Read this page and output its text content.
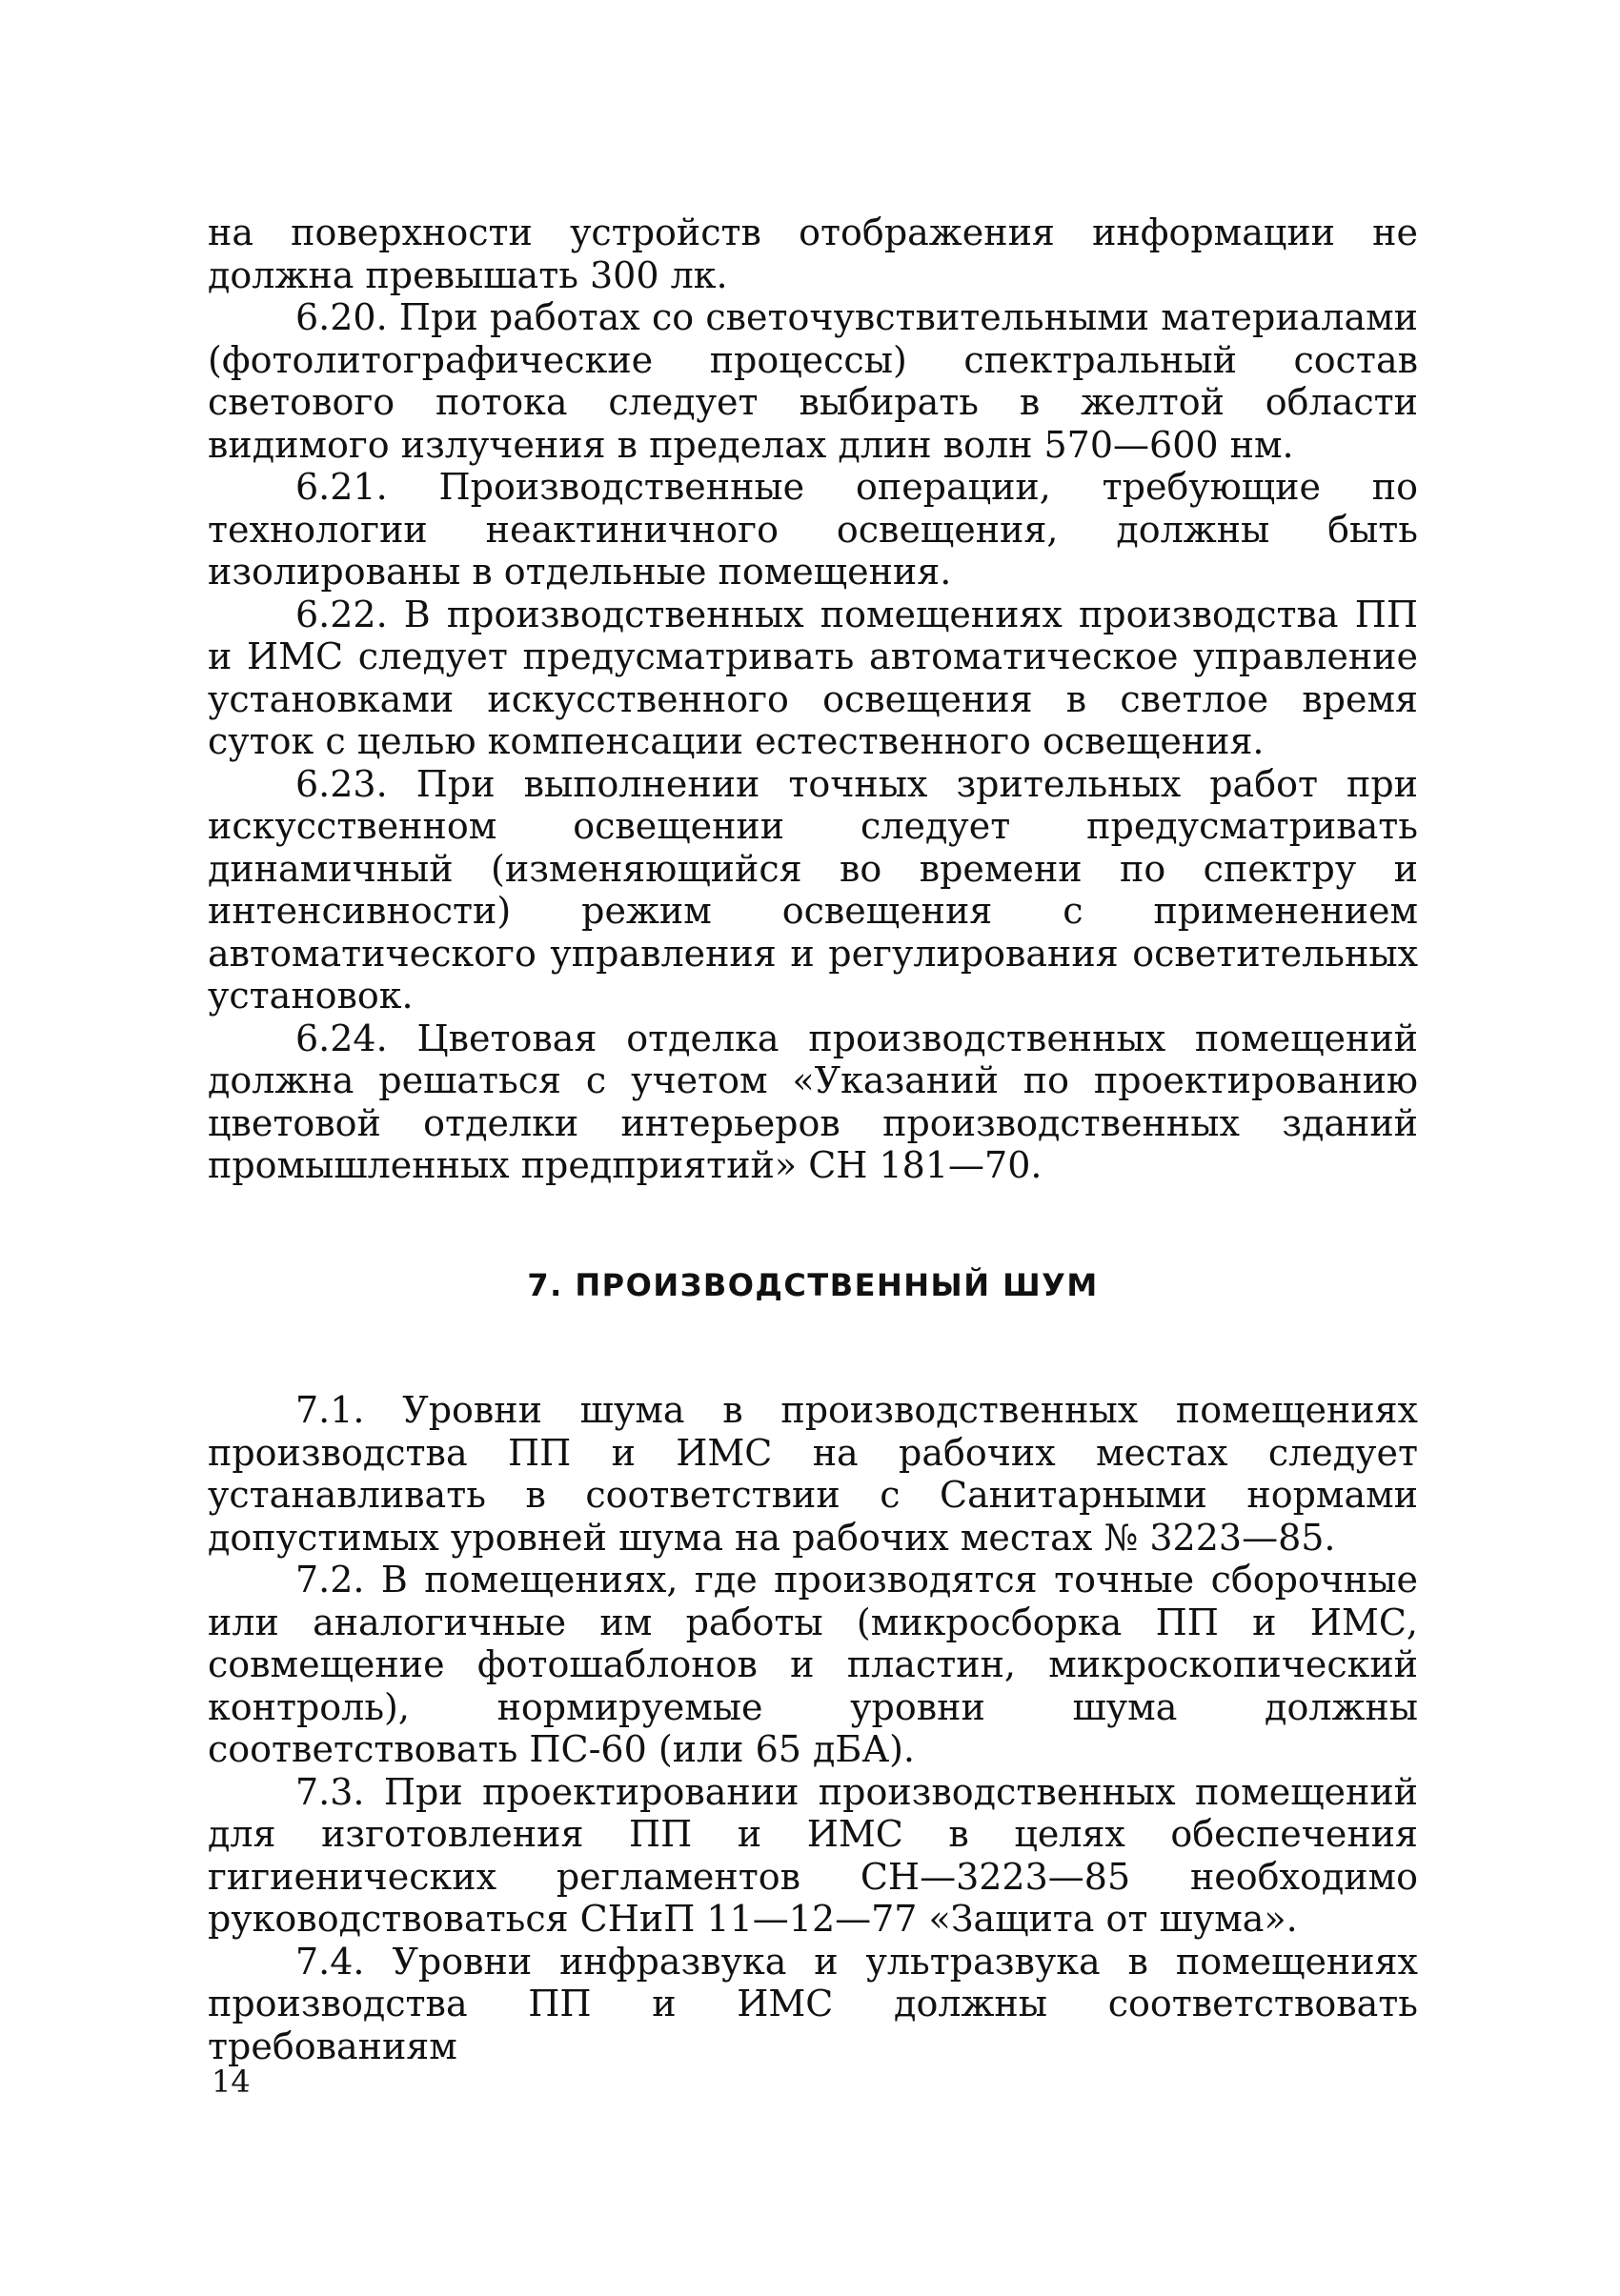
на поверхности устройств отображения информации не должна превышать 300 лк.

6.20. При работах со светочувствительными материалами (фотолитографические процессы) спектральный состав светового потока следует выбирать в желтой области видимого излучения в пределах длин волн 570—600 нм.

6.21. Производственные операции, требующие по технологии неактиничного освещения, должны быть изолированы в отдельные помещения.

6.22. В производственных помещениях производства ПП и ИМС следует предусматривать автоматическое управление установками искусственного освещения в светлое время суток с целью компенсации естественного освещения.

6.23. При выполнении точных зрительных работ при искусственном освещении следует предусматривать динамичный (изменяющийся во времени по спектру и интенсивности) режим освещения с применением автоматического управления и регулирования осветительных установок.

6.24. Цветовая отделка производственных помещений должна решаться с учетом «Указаний по проектированию цветовой отделки интерьеров производственных зданий промышленных предприятий» СН 181—70.

7. ПРОИЗВОДСТВЕННЫЙ ШУМ

7.1. Уровни шума в производственных помещениях производства ПП и ИМС на рабочих местах следует устанавливать в соответствии с Санитарными нормами допустимых уровней шума на рабочих местах № 3223—85.

7.2. В помещениях, где производятся точные сборочные или аналогичные им работы (микросборка ПП и ИМС, совмещение фотошаблонов и пластин, микроскопический контроль), нормируемые уровни шума должны соответствовать ПС-60 (или 65 дБА).

7.3. При проектировании производственных помещений для изготовления ПП и ИМС в целях обеспечения гигиенических регламентов СН—3223—85 необходимо руководствоваться СНиП 11—12—77 «Защита от шума».

7.4. Уровни инфразвука и ультразвука в помещениях производства ПП и ИМС должны соответствовать требованиям

14
